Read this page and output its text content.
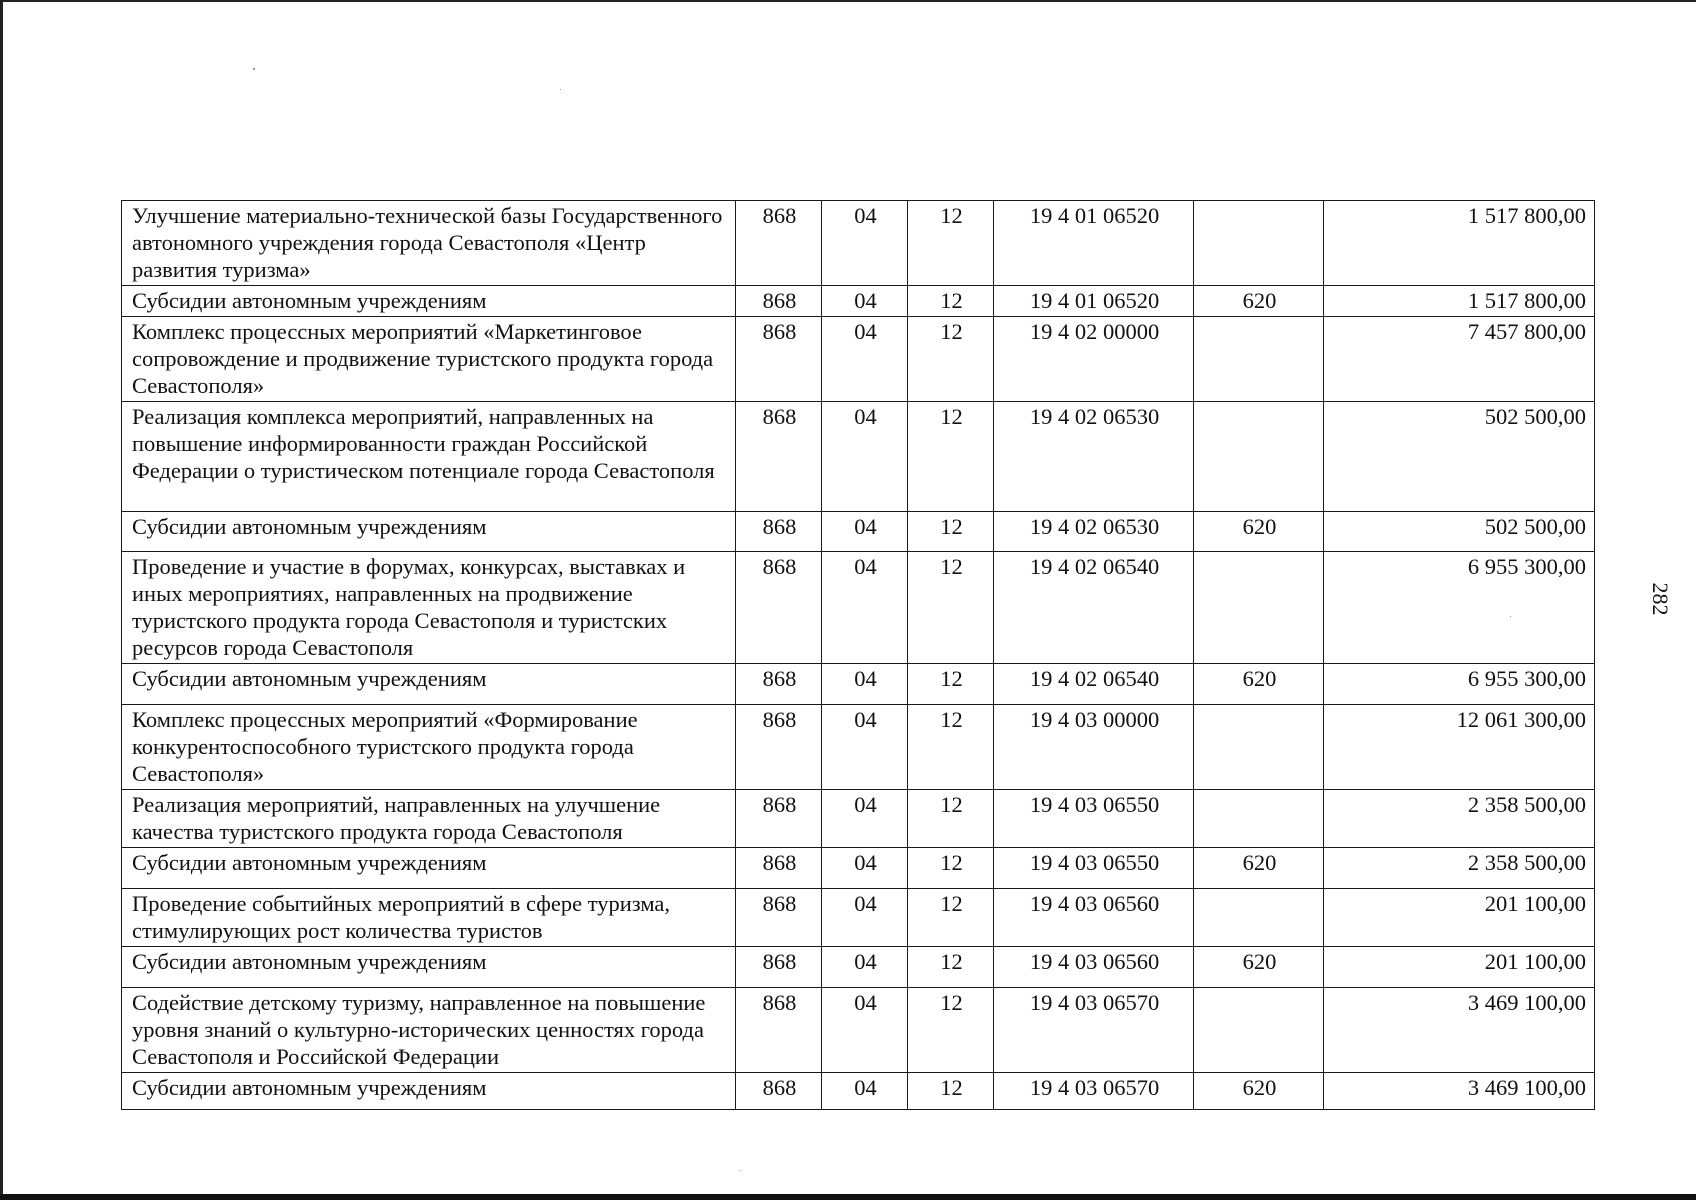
282
Улучшение материально-технической базы Государственного автономного учреждения города Севастополя «Центр развития туризма»	868	04	12	19 4 01 06520		1 517 800,00
Субсидии автономным учреждениям	868	04	12	19 4 01 06520	620	1 517 800,00
Комплекс процессных мероприятий «Маркетинговое сопровождение и продвижение туристского продукта города Севастополя»	868	04	12	19 4 02 00000		7 457 800,00
Реализация комплекса мероприятий, направленных на повышение информированности граждан Российской Федерации о туристическом потенциале города Севастополя	868	04	12	19 4 02 06530		502 500,00
Субсидии автономным учреждениям	868	04	12	19 4 02 06530	620	502 500,00
Проведение и участие в форумах, конкурсах, выставках и иных мероприятиях, направленных на продвижение туристского продукта города Севастополя и туристских ресурсов города Севастополя	868	04	12	19 4 02 06540		6 955 300,00
Субсидии автономным учреждениям	868	04	12	19 4 02 06540	620	6 955 300,00
Комплекс процессных мероприятий «Формирование конкурентоспособного туристского продукта города Севастополя»	868	04	12	19 4 03 00000		12 061 300,00
Реализация мероприятий, направленных на улучшение качества туристского продукта города Севастополя	868	04	12	19 4 03 06550		2 358 500,00
Субсидии автономным учреждениям	868	04	12	19 4 03 06550	620	2 358 500,00
Проведение событийных мероприятий в сфере туризма, стимулирующих рост количества туристов	868	04	12	19 4 03 06560		201 100,00
Субсидии автономным учреждениям	868	04	12	19 4 03 06560	620	201 100,00
Содействие детскому туризму, направленное на повышение уровня знаний о культурно-исторических ценностях города Севастополя и Российской Федерации	868	04	12	19 4 03 06570		3 469 100,00
Субсидии автономным учреждениям	868	04	12	19 4 03 06570	620	3 469 100,00
